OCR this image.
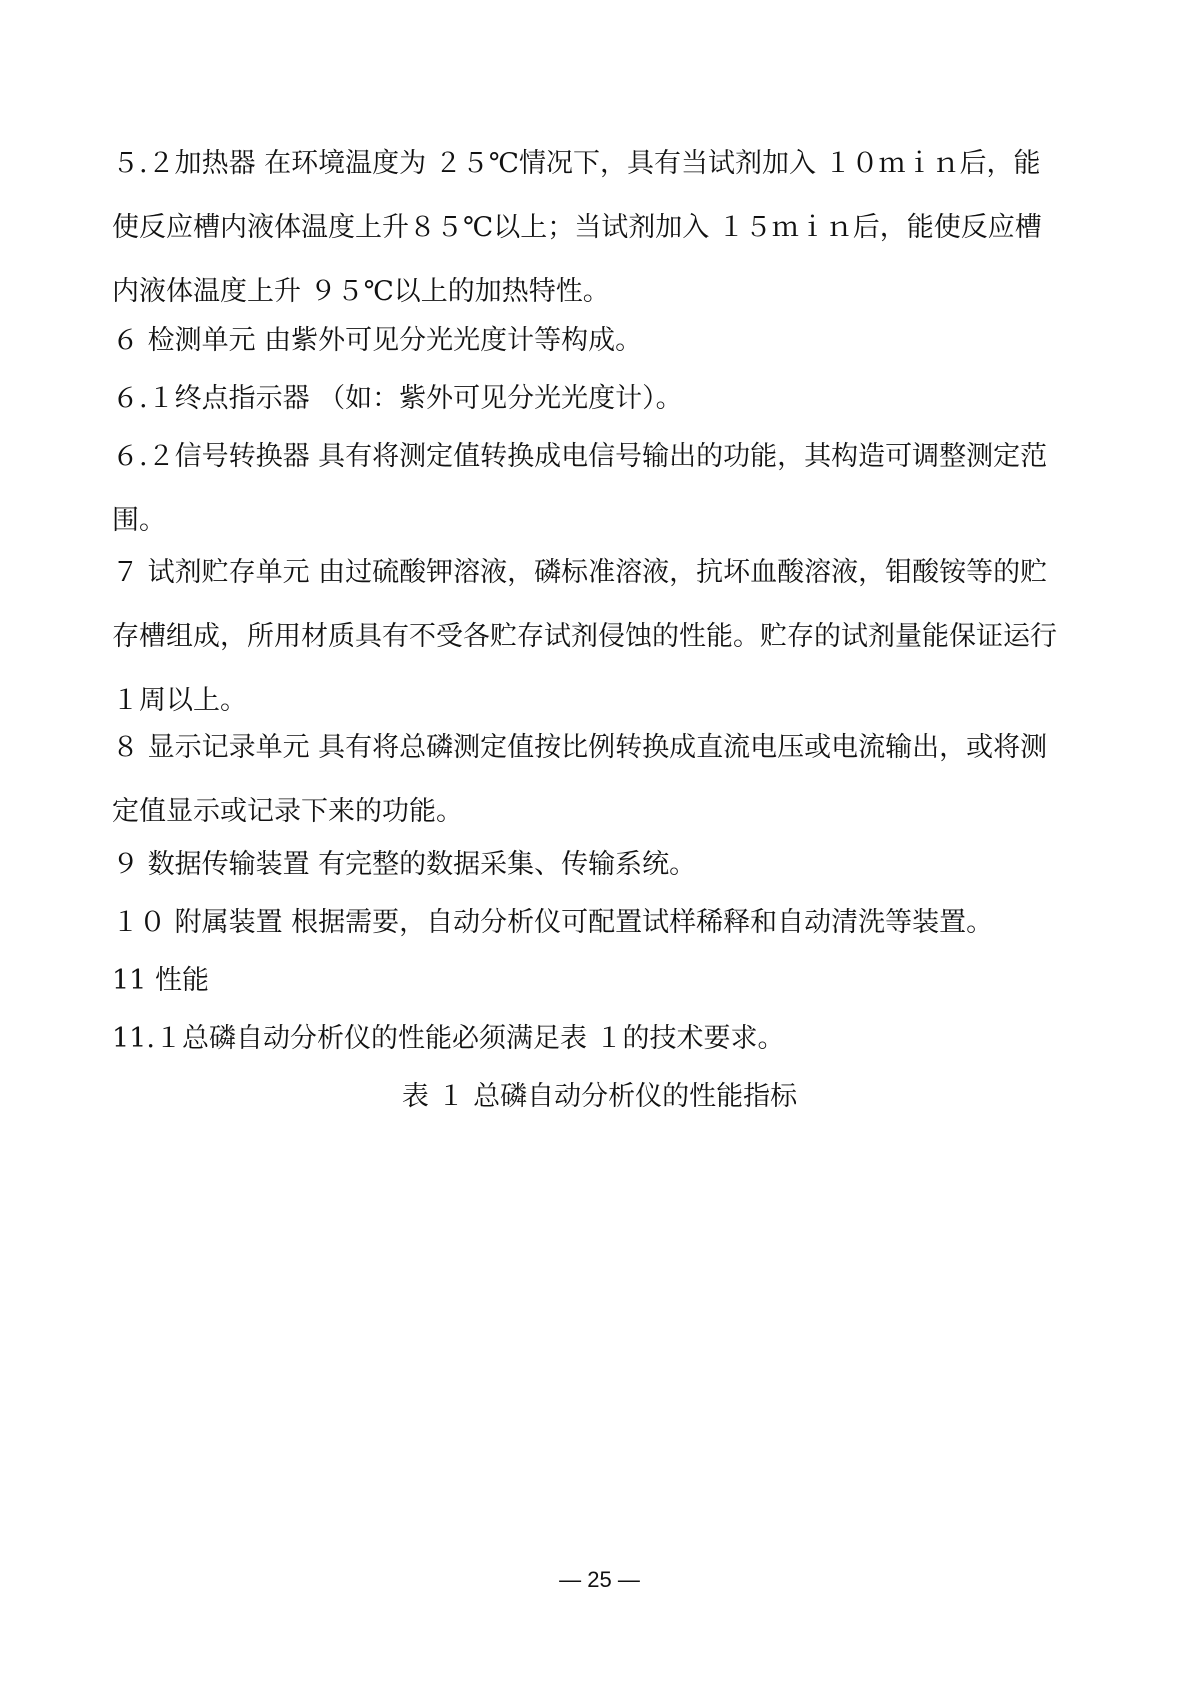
５.２加热器 在环境温度为 ２５℃情况下，具有当试剂加入 １０ｍｉｎ后，能
使反应槽内液体温度上升８５℃以上；当试剂加入 １５ｍｉｎ后，能使反应槽
内液体温度上升 ９５℃以上的加热特性。
６ 检测单元 由紫外可见分光光度计等构成。
６.１终点指示器 （如：紫外可见分光光度计）。
６.２信号转换器 具有将测定值转换成电信号输出的功能，其构造可调整测定范
围。
７ 试剂贮存单元 由过硫酸钾溶液，磷标准溶液，抗坏血酸溶液，钼酸铵等的贮
存槽组成，所用材质具有不受各贮存试剂侵蚀的性能。贮存的试剂量能保证运行
１周以上。
８ 显示记录单元 具有将总磷测定值按比例转换成直流电压或电流输出，或将测
定值显示或记录下来的功能。
９ 数据传输装置 有完整的数据采集、传输系统。
１０ 附属装置 根据需要，自动分析仪可配置试样稀释和自动清洗等装置。
11 性能
11.１总磷自动分析仪的性能必须满足表 １的技术要求。

表 １ 总磷自动分析仪的性能指标

— 25 —
